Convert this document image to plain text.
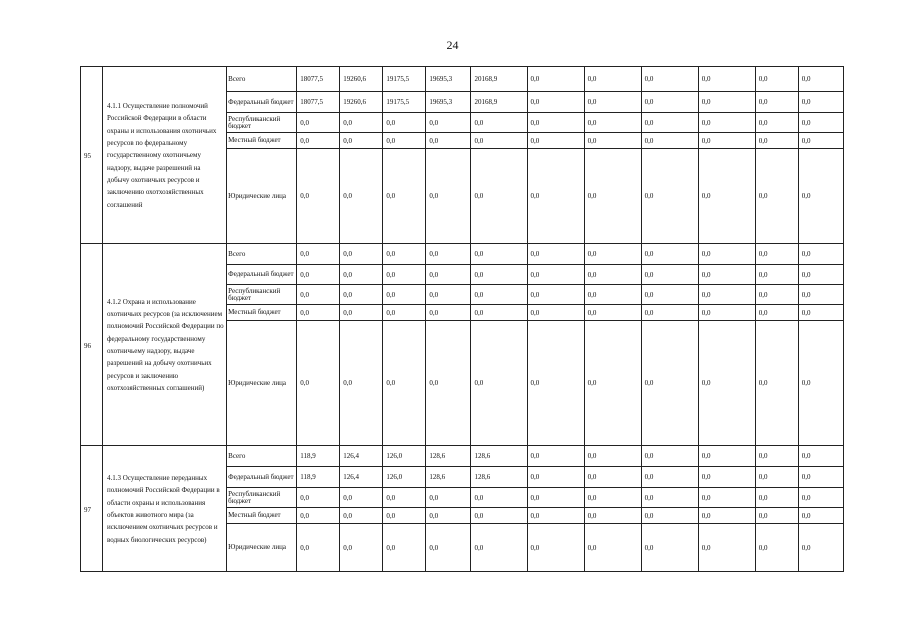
24
95	4.1.1 Осуществление полномочий Российской Федерации в области охраны и использования охотничьих ресурсов по федеральному государственному охотничьему надзору, выдаче разрешений на добычу охотничьих ресурсов и заключению охотхозяйственных соглашений	Всего	18077,5	19260,6	19175,5	19695,3	20168,9	0,0	0,0	0,0	0,0	0,0	0,0
		Федеральный бюджет	18077,5	19260,6	19175,5	19695,3	20168,9	0,0	0,0	0,0	0,0	0,0	0,0
		Республиканский бюджет	0,0	0,0	0,0	0,0	0,0	0,0	0,0	0,0	0,0	0,0	0,0
		Местный бюджет	0,0	0,0	0,0	0,0	0,0	0,0	0,0	0,0	0,0	0,0	0,0
		Юридические лица	0,0	0,0	0,0	0,0	0,0	0,0	0,0	0,0	0,0	0,0	0,0
96	4.1.2 Охрана и использование охотничьих ресурсов (за исключением полномочий Российской Федерации по федеральному государственному охотничьему надзору, выдаче разрешений на добычу охотничьих ресурсов и заключению охотхозяйственных соглашений)	Всего	0,0	0,0	0,0	0,0	0,0	0,0	0,0	0,0	0,0	0,0	0,0
		Федеральный бюджет	0,0	0,0	0,0	0,0	0,0	0,0	0,0	0,0	0,0	0,0	0,0
		Республиканский бюджет	0,0	0,0	0,0	0,0	0,0	0,0	0,0	0,0	0,0	0,0	0,0
		Местный бюджет	0,0	0,0	0,0	0,0	0,0	0,0	0,0	0,0	0,0	0,0	0,0
		Юридические лица	0,0	0,0	0,0	0,0	0,0	0,0	0,0	0,0	0,0	0,0	0,0
97	4.1.3 Осуществление переданных полномочий Российской Федерации в области охраны и использования объектов животного мира (за исключением охотничьих ресурсов и водных биологических ресурсов)	Всего	118,9	126,4	126,0	128,6	128,6	0,0	0,0	0,0	0,0	0,0	0,0
		Федеральный бюджет	118,9	126,4	126,0	128,6	128,6	0,0	0,0	0,0	0,0	0,0	0,0
		Республиканский бюджет	0,0	0,0	0,0	0,0	0,0	0,0	0,0	0,0	0,0	0,0	0,0
		Местный бюджет	0,0	0,0	0,0	0,0	0,0	0,0	0,0	0,0	0,0	0,0	0,0
		Юридические лица	0,0	0,0	0,0	0,0	0,0	0,0	0,0	0,0	0,0	0,0	0,0
